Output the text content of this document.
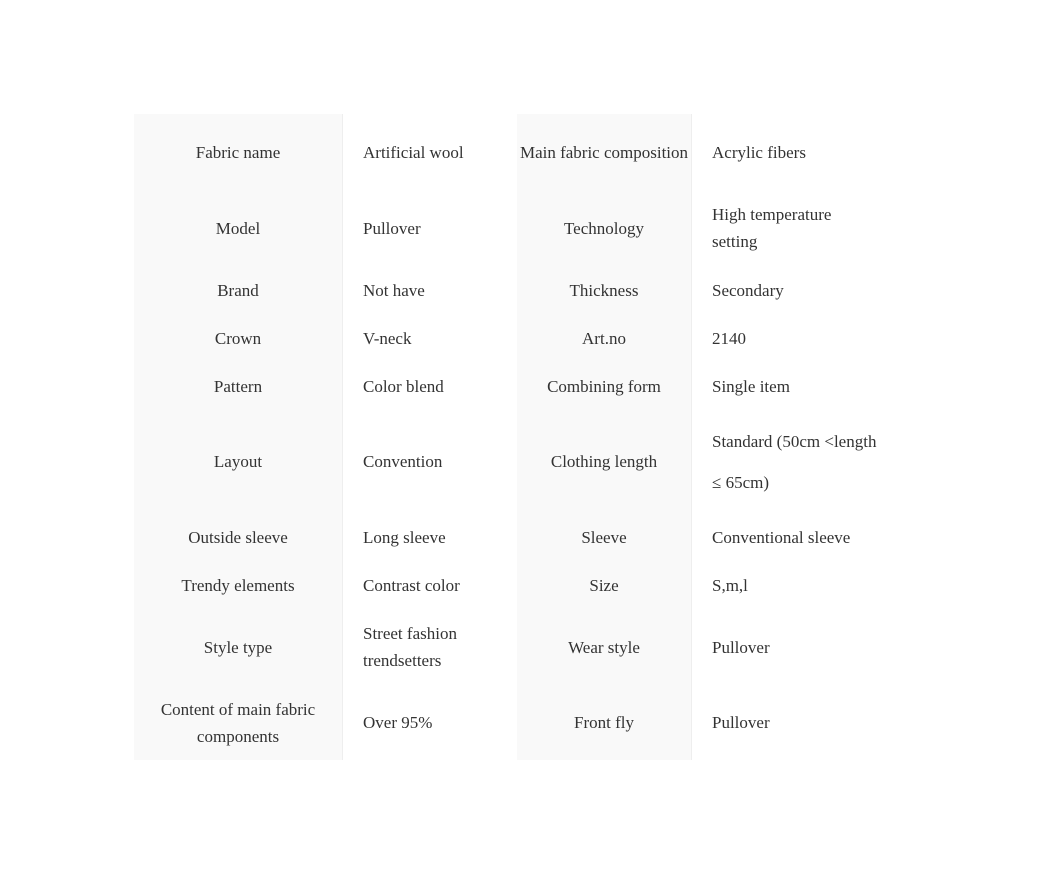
Fabric name	Artificial wool	Main fabric composition	Acrylic fibers
Model	Pullover	Technology	High temperature setting
Brand	Not have	Thickness	Secondary
Crown	V-neck	Art.no	2140
Pattern	Color blend	Combining form	Single item
Layout	Convention	Clothing length	Standard (50cm <length ≤ 65cm)
Outside sleeve	Long sleeve	Sleeve	Conventional sleeve
Trendy elements	Contrast color	Size	S,m,l
Style type	Street fashion trendsetters	Wear style	Pullover
Content of main fabric components	Over 95%	Front fly	Pullover
